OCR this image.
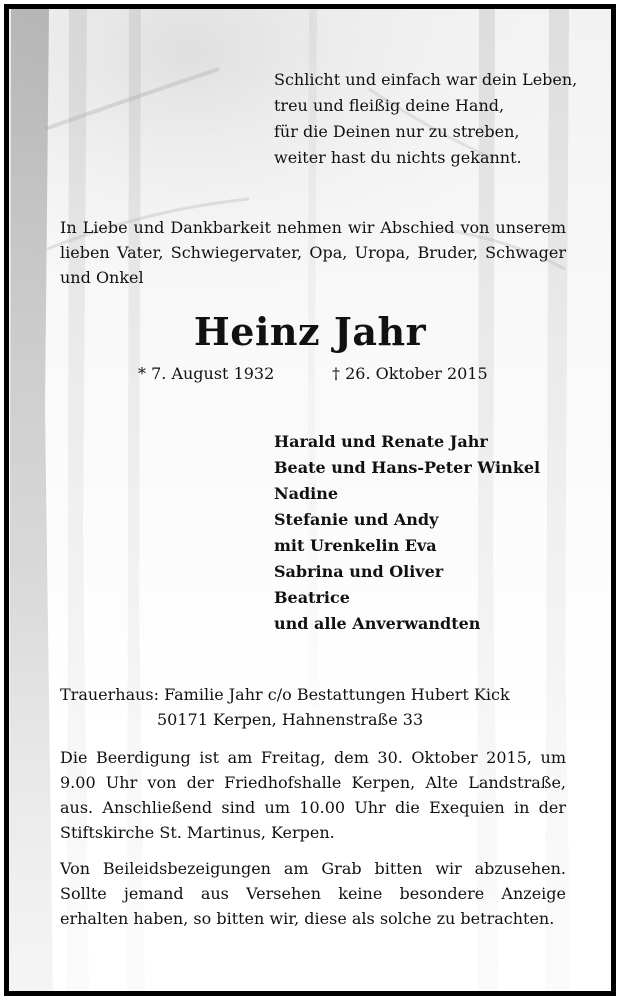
Schlicht und einfach war dein Leben,
treu und fleißig deine Hand,
für die Deinen nur zu streben,
weiter hast du nichts gekannt.
In Liebe und Dankbarkeit nehmen wir Abschied von unserem lieben Vater, Schwiegervater, Opa, Uropa, Bruder, Schwager und Onkel
Heinz Jahr
* 7. August 1932	† 26. Oktober 2015
Harald und Renate Jahr
Beate und Hans-Peter Winkel
Nadine
Stefanie und Andy
mit Urenkelin Eva
Sabrina und Oliver
Beatrice
und alle Anverwandten
Trauerhaus: Familie Jahr c/o Bestattungen Hubert Kick
50171 Kerpen, Hahnenstraße 33
Die Beerdigung ist am Freitag, dem 30. Oktober 2015, um 9.00 Uhr von der Friedhofshalle Kerpen, Alte Landstraße, aus. Anschließend sind um 10.00 Uhr die Exequien in der Stiftskirche St. Martinus, Kerpen.
Von Beileidsbezeigungen am Grab bitten wir abzusehen. Sollte jemand aus Versehen keine besondere Anzeige erhalten haben, so bitten wir, diese als solche zu betrachten.
